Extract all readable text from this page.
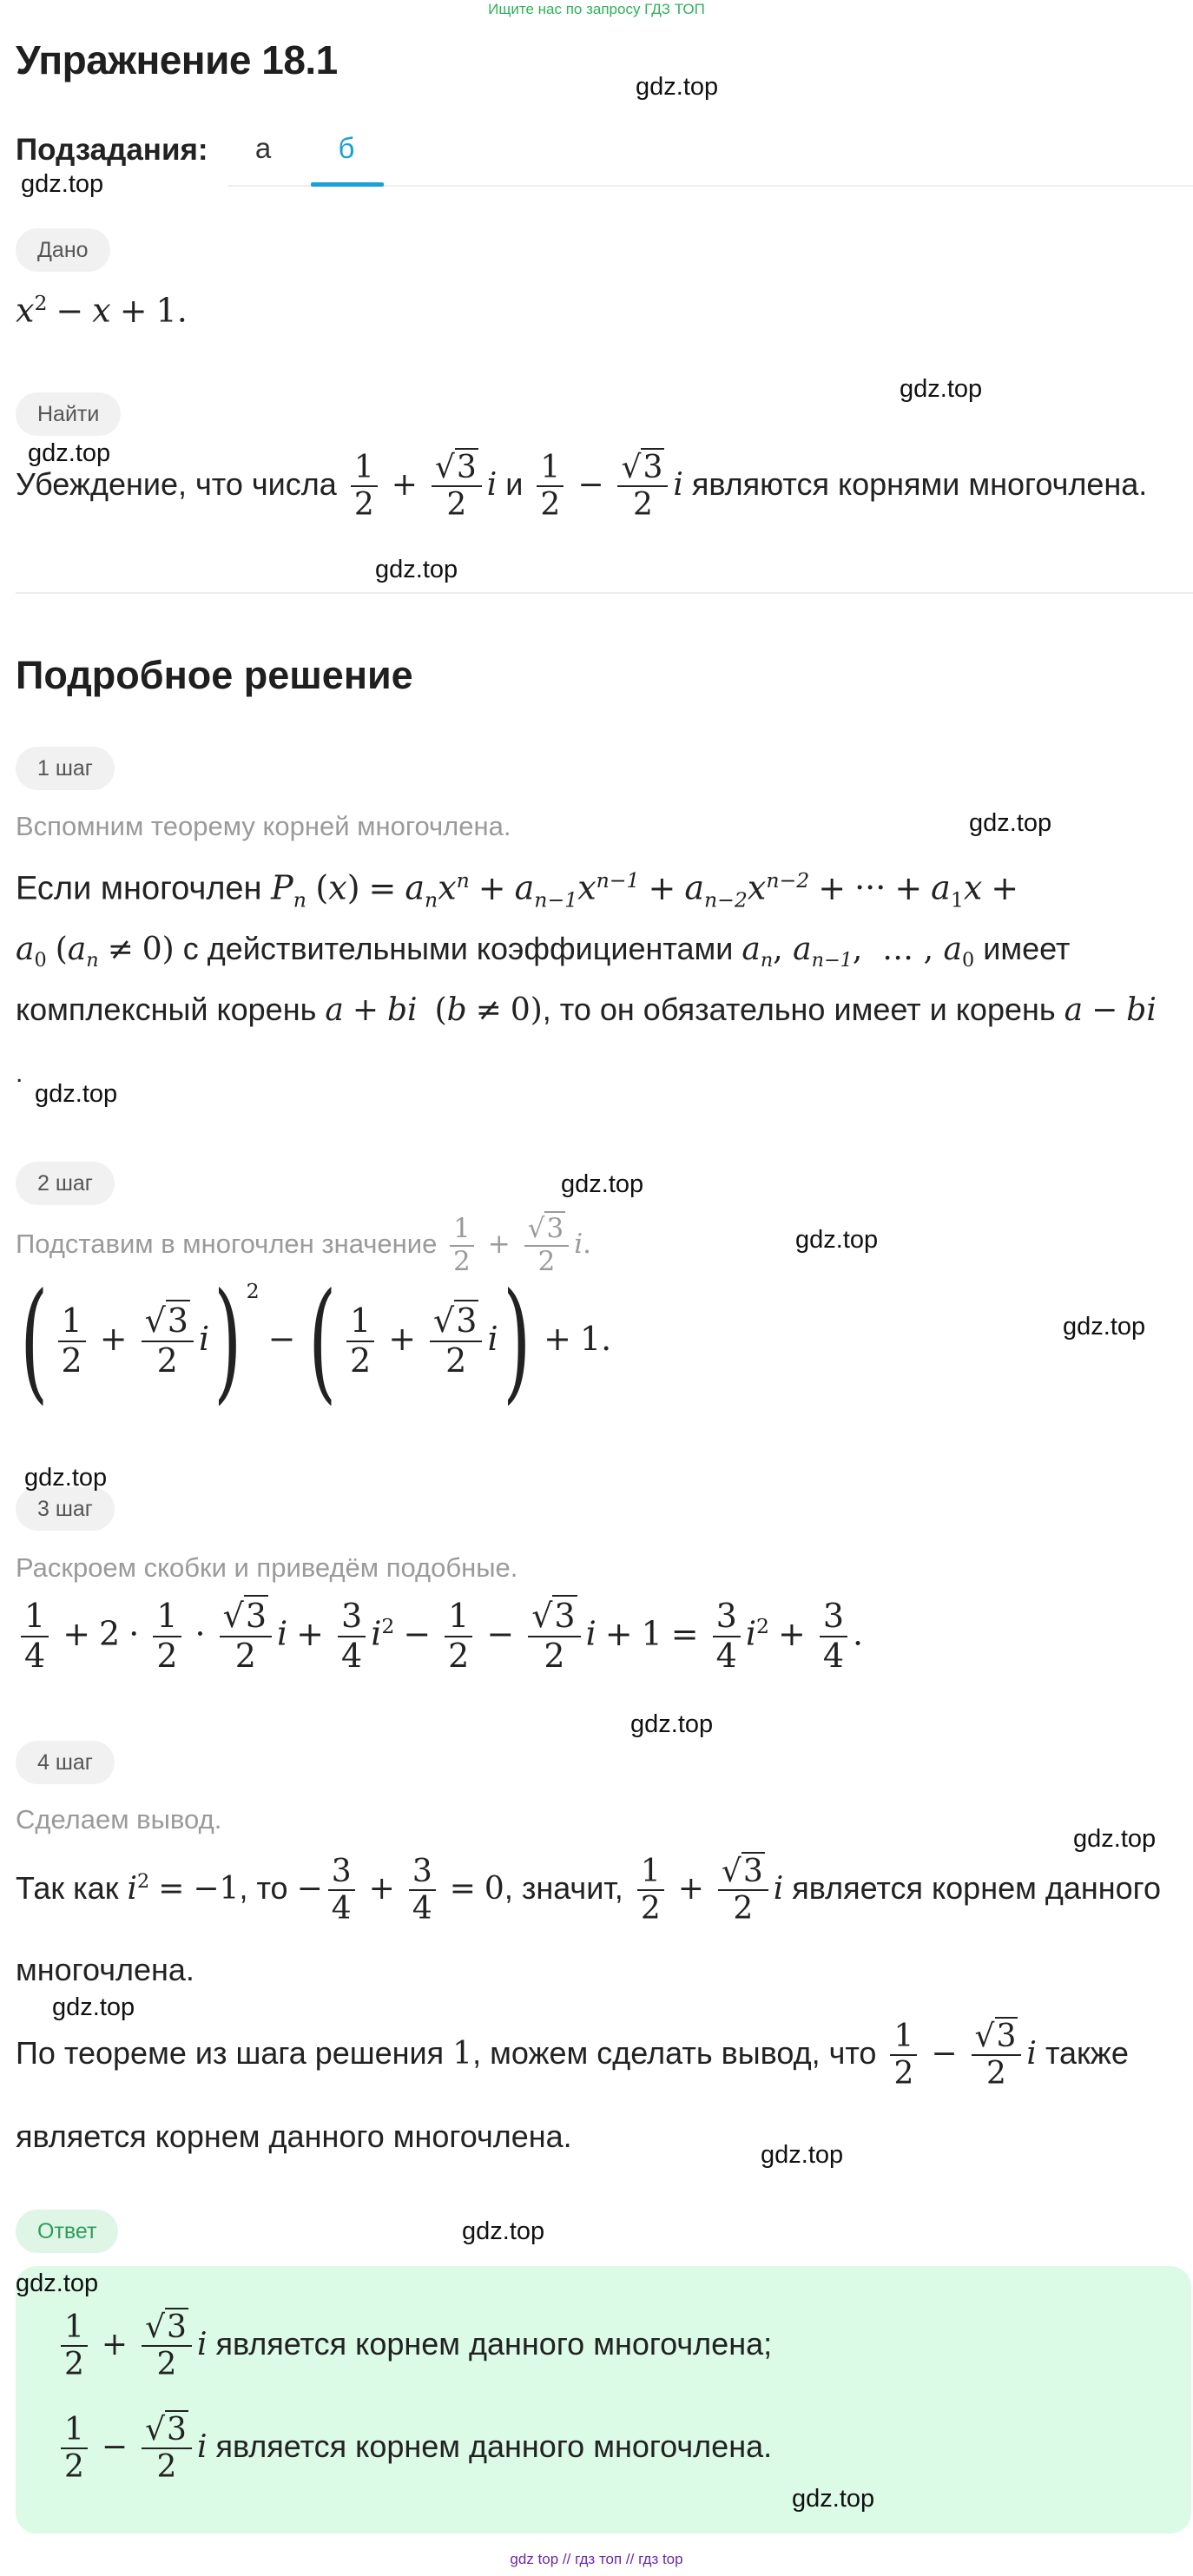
Ищите нас по запросу ГДЗ ТОП
Упражнение 18.1
Подзадания:	а	б
Дано
$x^2 - x + 1$.
Найти
Убеждение, что числа $\frac{1}{2} + \frac{√3}{2}$ i и $\frac{1}{2} - \frac{√3}{2}$ i являются корнями многочлена.
Подробное решение
1 шаг
Вспомним теорему корней многочлена.
Если многочлен $P_n$ $(x) = a_nx^n + a_{n-1}x^{n-1} + a_{n-2}x^{n-2}$ + ··· + $a_1x$ +
$a_0$ $(a_n \ne 0)$ с действительными коэффициентами $a_n$, $a_{n-1}$,  … , $a_0$ имеет
комплексный корень a + bi (b ≠ 0), то он обязательно имеет и корень a − bi
.
2 шаг
Подставим в многочлен значение $\frac{1}{2} + \frac{√3}{2} i$.
( $\frac{1}{2} + \frac{√3}{2} i$) $^2$− ( $\frac{1}{2} + \frac{√3}{2} i) + 1$.
3 шаг
Раскроем скобки и приведём подобные.
$\frac{1}{4} + 2 \cdot \frac{1}{2} \cdot \frac{√3}{2}$ $i + \frac{3}{4} i^2 - \frac{1}{2} - \frac{√3}{2}$ $i + 1 = \frac{3}{4} i^2 + \frac{3}{4}$ .
4 шаг
Сделаем вывод.
Так как $i^2 = -1$, то − $\frac{3}{4} + \frac{3}{4} = 0$, значит, $\frac{1}{2} + \frac{√3}{2}$ i является корнем данного
многочлена.
По теореме из шага решения 1, можем сделать вывод, что $\frac{1}{2} - \frac{√3}{2}$ i также
является корнем данного многочлена.
Ответ
$\frac{1}{2} + \frac{√3}{2}$ i является корнем данного многочлена;
$\frac{1}{2} - \frac{√3}{2}$ i является корнем данного многочлена.
gdz.top
gdz.top
gdz.top
gdz.top
gdz.top
gdz.top
gdz.top
gdz.top
gdz.top
gdz.top
gdz.top
gdz.top
gdz.top
gdz.top
gdz.top
gdz.top
gdz.top
gdz.top
gdz top // гдз топ // гдз top
